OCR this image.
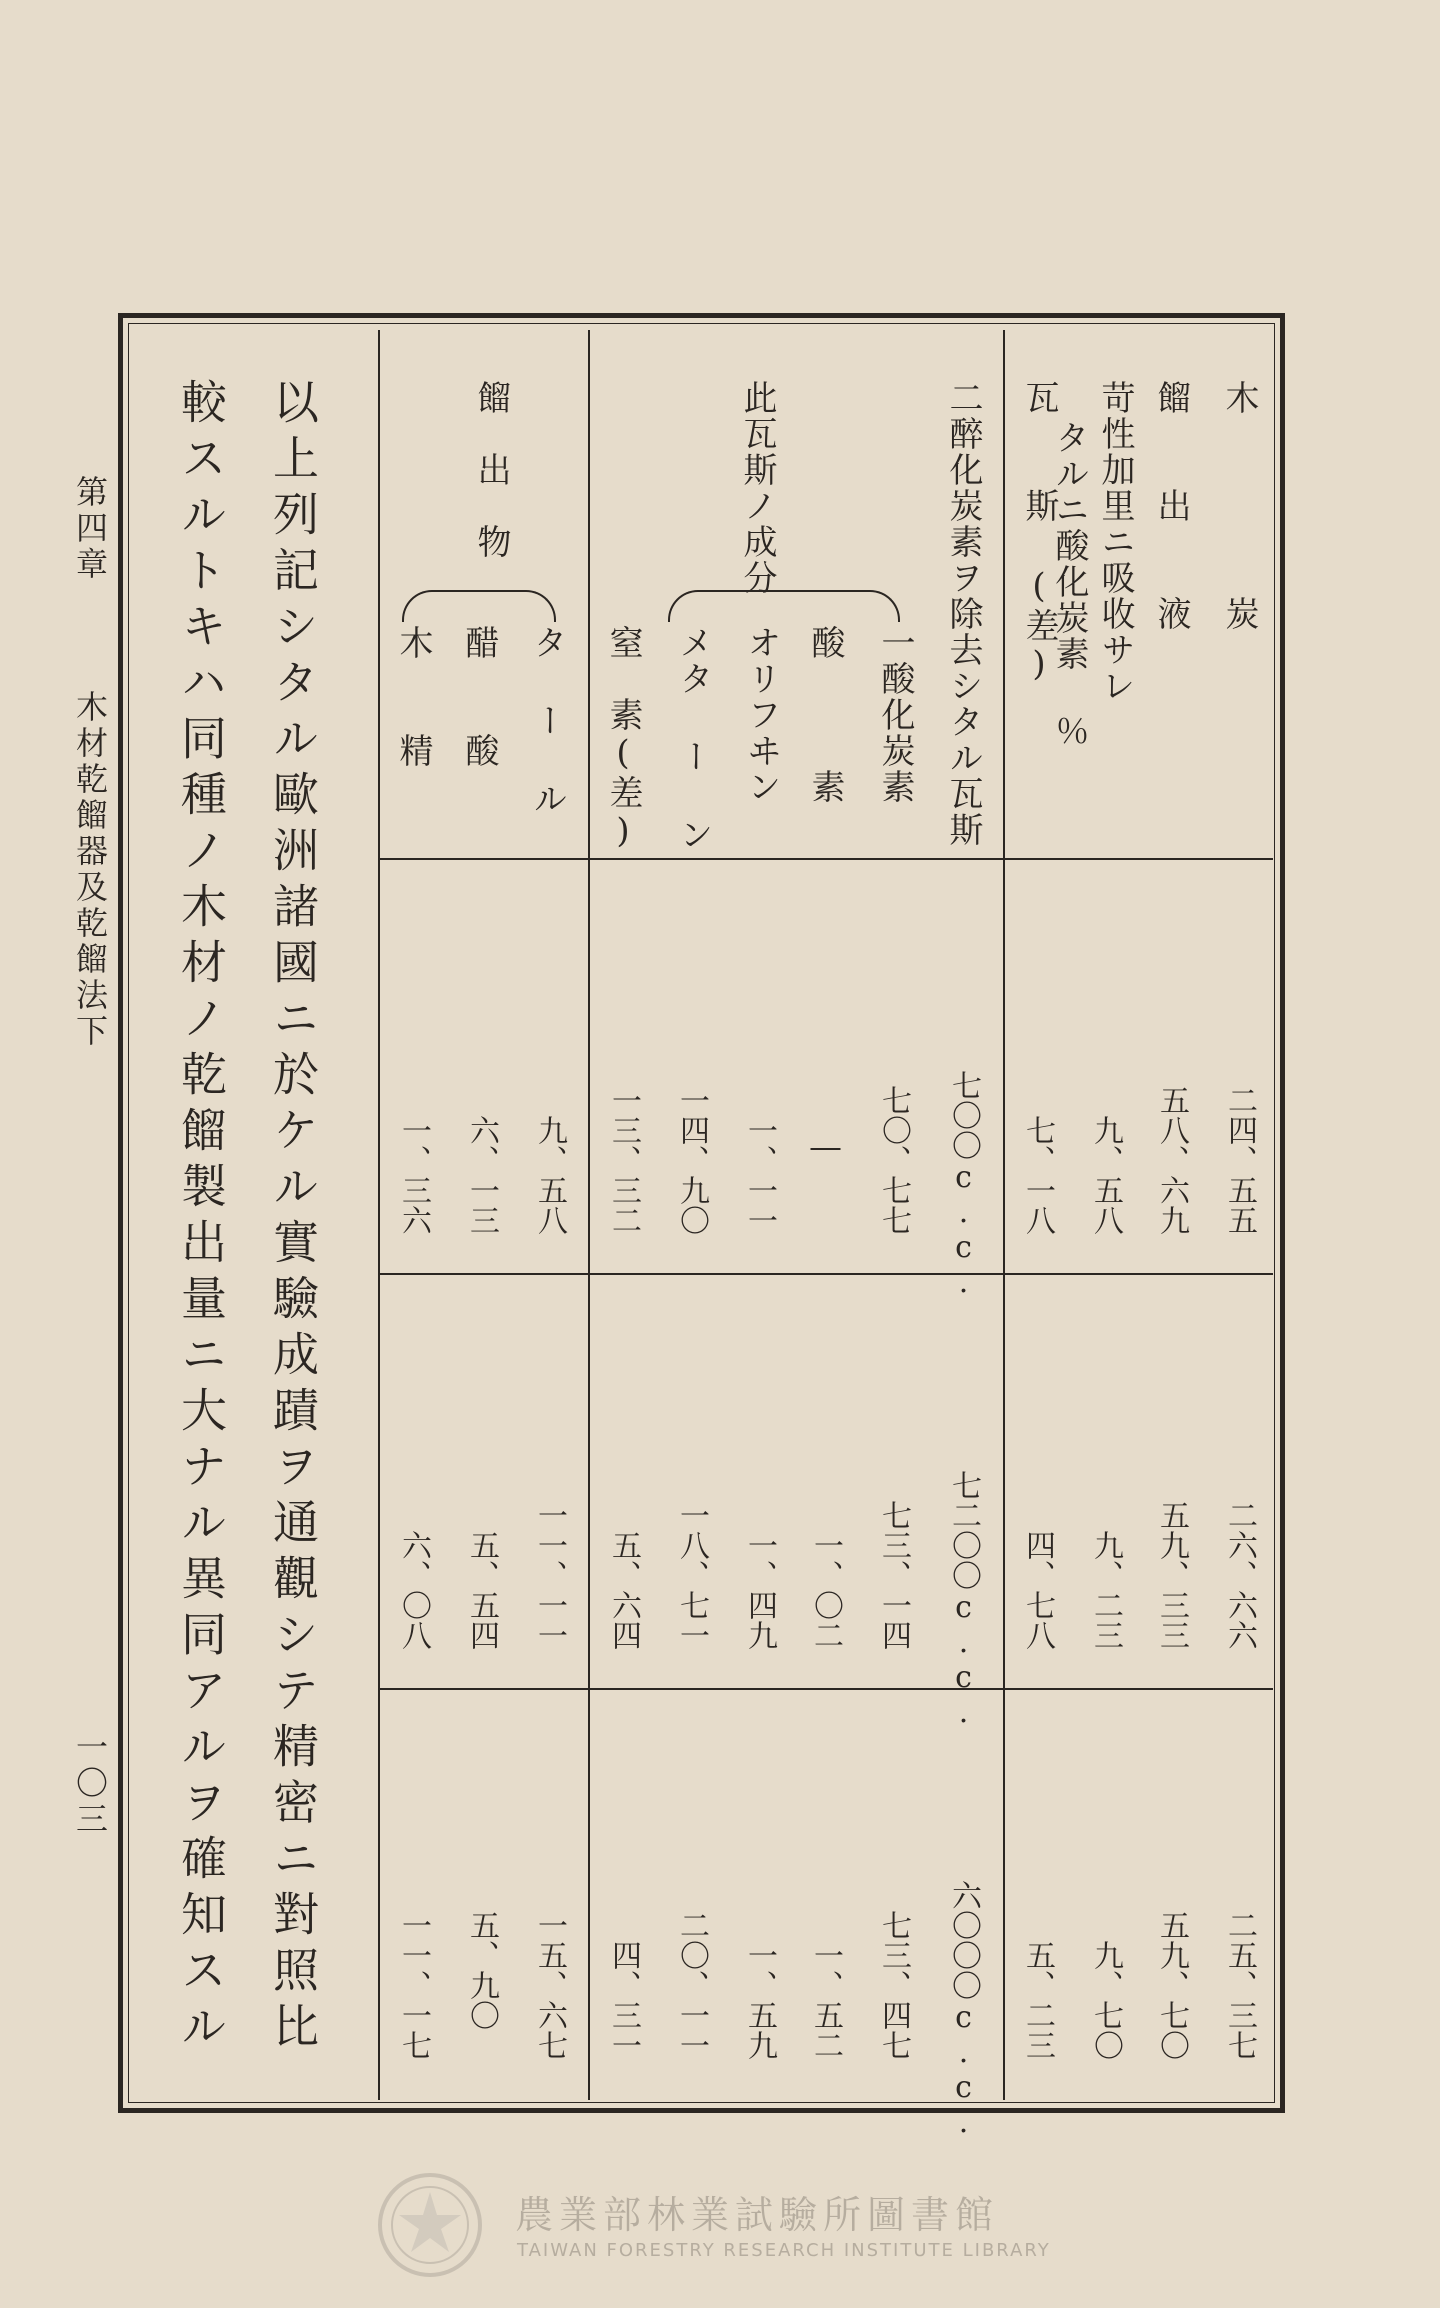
木　　　　　炭
餾　　出　　液
苛性加里ニ吸收サレ
タルニ酸化炭素 ％
瓦　　斯 (差)
二醉化炭素ヲ除去シタル瓦斯
此瓦斯ノ成分
一酸化炭素
酸　　　素
オリフヰン
メタ ー ン
窒　素(差)
餾　出　物
タ ー ル
醋　　酸
木　　精
二四、五五
五八、六九
九、五八
七、一八
七〇〇c.c.
七〇、七七
―
一、一一
一四、九〇
一三、三二
九、五八
六、一三
一、三六
二六、六六
五九、三三
九、二三
四、七八
七二〇〇c.c.
七三、一四
一、〇二
一、四九
一八、七一
五、六四
一一、一一
五、五四
六、〇八
二五、三七
五九、七〇
九、七〇
五、二三
六〇〇〇c.c.
七三、四七
一、五二
一、五九
二〇、一一
四、三一
一五、六七
五、九〇
一一、一七
以上列記シタル歐洲諸國ニ於ケル實驗成蹟ヲ通觀シテ精密ニ對照比
較スルトキハ同種ノ木材ノ乾餾製出量ニ大ナル異同アルヲ確知スル
第四章
木材乾餾器及乾餾法下
一〇三
農業部林業試驗所圖書館
TAIWAN FORESTRY RESEARCH INSTITUTE LIBRARY
